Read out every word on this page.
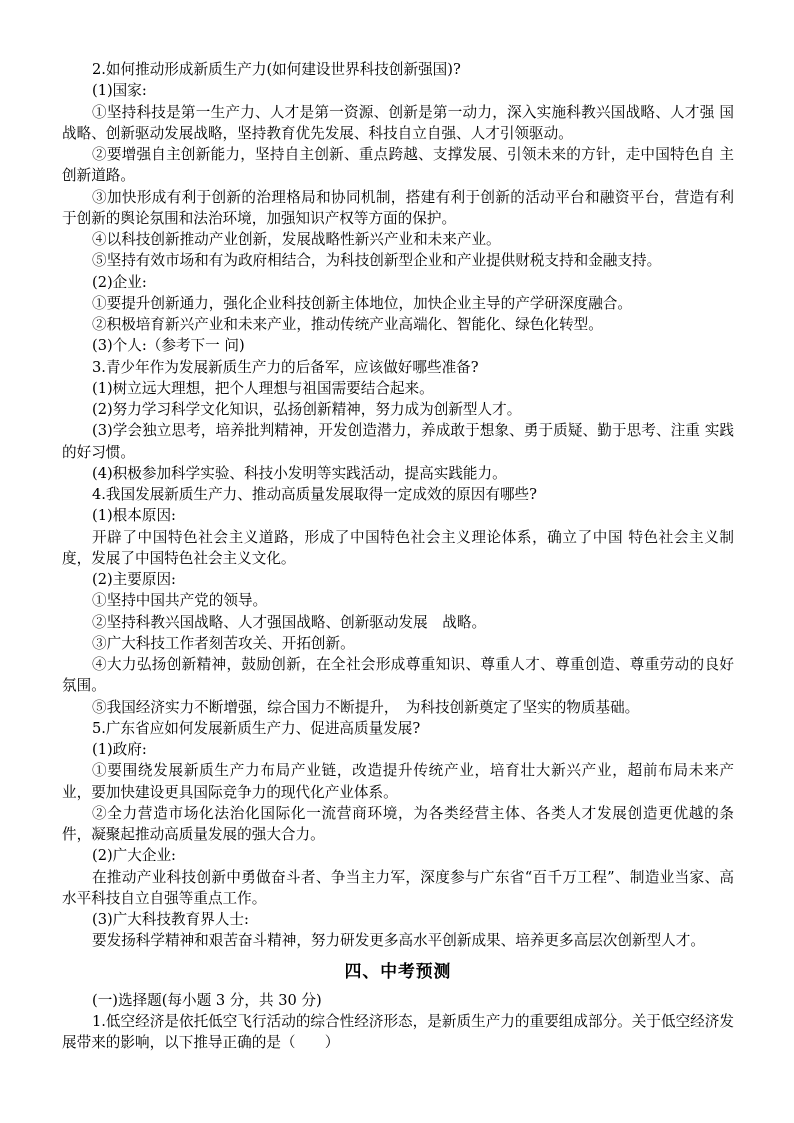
2.如何推动形成新质生产力(如何建设世界科技创新强国)?

(1)国家:

①坚持科技是第一生产力、人才是第一资源、创新是第一动力，深入实施科教兴国战略、人才强 国战略、创新驱动发展战略，坚持教育优先发展、科技自立自强、人才引领驱动。

②要增强自主创新能力，坚持自主创新、重点跨越、支撑发展、引领未来的方针，走中国特色自 主创新道路。

③加快形成有利于创新的治理格局和协同机制，搭建有利于创新的活动平台和融资平台，营造有利于创新的舆论氛围和法治环境，加强知识产权等方面的保护。

④以科技创新推动产业创新，发展战略性新兴产业和未来产业。

⑤坚持有效市场和有为政府相结合，为科技创新型企业和产业提供财税支持和金融支持。

(2)企业:

①要提升创新通力，强化企业科技创新主体地位，加快企业主导的产学研深度融合。

②积极培育新兴产业和未来产业，推动传统产业高端化、智能化、绿色化转型。

(3)个人:（参考下一 问)

3.青少年作为发展新质生产力的后备军，应该做好哪些准备?

(1)树立远大理想，把个人理想与祖国需要结合起来。

(2)努力学习科学文化知识，弘扬创新精神，努力成为创新型人才。

(3)学会独立思考，培养批判精神，开发创造潜力，养成敢于想象、勇于质疑、勤于思考、注重 实践的好习惯。

(4)积极参加科学实验、科技小发明等实践活动，提高实践能力。

4.我国发展新质生产力、推动高质量发展取得一定成效的原因有哪些?

(1)根本原因:

开辟了中国特色社会主义道路，形成了中国特色社会主义理论体系，确立了中国 特色社会主义制度，发展了中国特色社会主义文化。

(2)主要原因:

①坚持中国共产党的领导。

②坚持科教兴国战略、人才强国战略、创新驱动发展　战略。

③广大科技工作者刻苦攻关、开拓创新。

④大力弘扬创新精神，鼓励创新，在全社会形成尊重知识、尊重人才、尊重创造、尊重劳动的良好氛围。

⑤我国经济实力不断增强，综合国力不断提升，　为科技创新奠定了坚实的物质基础。

5.广东省应如何发展新质生产力、促进高质量发展?

(1)政府:

①要围绕发展新质生产力布局产业链，改造提升传统产业，培育壮大新兴产业，超前布局未来产业，要加快建设更具国际竞争力的现代化产业体系。

②全力营造市场化法治化国际化一流营商环境，为各类经营主体、各类人才发展创造更优越的条 件，凝聚起推动高质量发展的强大合力。

(2)广大企业:

在推动产业科技创新中勇做奋斗者、争当主力军，深度参与广东省“百千万工程”、制造业当家、高水平科技自立自强等重点工作。

(3)广大科技教育界人士:

要发扬科学精神和艰苦奋斗精神，努力研发更多高水平创新成果、培养更多高层次创新型人才。

四、中考预测

(一)选择题(每小题 3 分，共 30 分)

1.低空经济是依托低空飞行活动的综合性经济形态，是新质生产力的重要组成部分。关于低空经济发展带来的影响，以下推导正确的是（　　）
